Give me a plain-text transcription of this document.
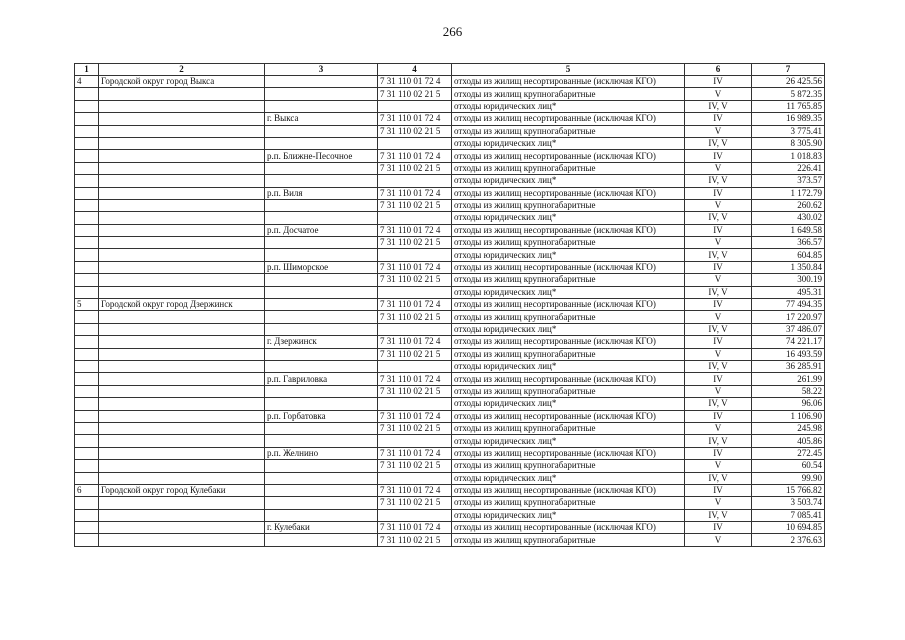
266
1	2	3	4	5	6	7
4	Городской округ город Выкса		7 31 110 01 72 4	отходы из жилищ несортированные (исключая КГО)	IV	26 425.56
			7 31 110 02 21 5	отходы из жилищ крупногабаритные	V	5 872.35
				отходы юридических лиц*	IV, V	11 765.85
		г. Выкса	7 31 110 01 72 4	отходы из жилищ несортированные (исключая КГО)	IV	16 989.35
			7 31 110 02 21 5	отходы из жилищ крупногабаритные	V	3 775.41
				отходы юридических лиц*	IV, V	8 305.90
		р.п. Ближне-Песочное	7 31 110 01 72 4	отходы из жилищ несортированные (исключая КГО)	IV	1 018.83
			7 31 110 02 21 5	отходы из жилищ крупногабаритные	V	226.41
				отходы юридических лиц*	IV, V	373.57
		р.п. Виля	7 31 110 01 72 4	отходы из жилищ несортированные (исключая КГО)	IV	1 172.79
			7 31 110 02 21 5	отходы из жилищ крупногабаритные	V	260.62
				отходы юридических лиц*	IV, V	430.02
		р.п. Досчатое	7 31 110 01 72 4	отходы из жилищ несортированные (исключая КГО)	IV	1 649.58
			7 31 110 02 21 5	отходы из жилищ крупногабаритные	V	366.57
				отходы юридических лиц*	IV, V	604.85
		р.п. Шиморское	7 31 110 01 72 4	отходы из жилищ несортированные (исключая КГО)	IV	1 350.84
			7 31 110 02 21 5	отходы из жилищ крупногабаритные	V	300.19
				отходы юридических лиц*	IV, V	495.31
5	Городской округ город Дзержинск		7 31 110 01 72 4	отходы из жилищ несортированные (исключая КГО)	IV	77 494.35
			7 31 110 02 21 5	отходы из жилищ крупногабаритные	V	17 220.97
				отходы юридических лиц*	IV, V	37 486.07
		г. Дзержинск	7 31 110 01 72 4	отходы из жилищ несортированные (исключая КГО)	IV	74 221.17
			7 31 110 02 21 5	отходы из жилищ крупногабаритные	V	16 493.59
				отходы юридических лиц*	IV, V	36 285.91
		р.п. Гавриловка	7 31 110 01 72 4	отходы из жилищ несортированные (исключая КГО)	IV	261.99
			7 31 110 02 21 5	отходы из жилищ крупногабаритные	V	58.22
				отходы юридических лиц*	IV, V	96.06
		р.п. Горбатовка	7 31 110 01 72 4	отходы из жилищ несортированные (исключая КГО)	IV	1 106.90
			7 31 110 02 21 5	отходы из жилищ крупногабаритные	V	245.98
				отходы юридических лиц*	IV, V	405.86
		р.п. Желнино	7 31 110 01 72 4	отходы из жилищ несортированные (исключая КГО)	IV	272.45
			7 31 110 02 21 5	отходы из жилищ крупногабаритные	V	60.54
				отходы юридических лиц*	IV, V	99.90
6	Городской округ город Кулебаки		7 31 110 01 72 4	отходы из жилищ несортированные (исключая КГО)	IV	15 766.82
			7 31 110 02 21 5	отходы из жилищ крупногабаритные	V	3 503.74
				отходы юридических лиц*	IV, V	7 085.41
		г. Кулебаки	7 31 110 01 72 4	отходы из жилищ несортированные (исключая КГО)	IV	10 694.85
			7 31 110 02 21 5	отходы из жилищ крупногабаритные	V	2 376.63
